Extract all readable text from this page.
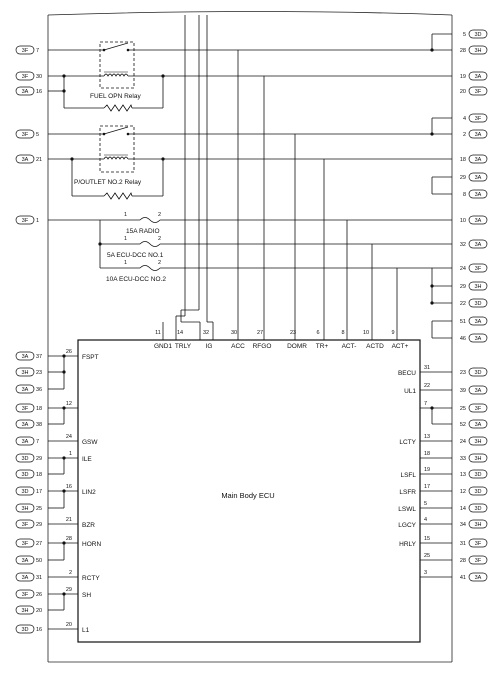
Main Body ECU
FUEL OPN Relay
P/OUTLET NO.2 Relay
1	2
15A RADIO
1	2
5A ECU-DCC NO.1
1	2
10A ECU-DCC NO.2
11
GND1
14
TRLY
32
IG
30
ACC
27
RFGO
23
DOMR
6
TR+
8
ACT-
10
ACTD
9
ACT+
26
FSPT
12
24
GSW
1
ILE
16
LIN2
21
BZR
28
HORN
2
RCTY
29
SH
20
L1
31
BECU
22
UL1
7
13
LCTY
18
19
LSFL
17
LSFR
5
LSWL
4
LGCY
15
HRLY
25
3
3F 7
3F 30
3A 16
3F 5
3A 21
3F 1
3A 37
3H 23
3A 36
3F 18
3A 38
3A 7
3D 29
3D 18
3D 17
3H 25
3F 29
3F 27
3A 50
3A 31
3F 26
3H 20
3D 16
5 3D
28 3H
19 3A
20 3F
4 3F
2 3A
18 3A
29 3A
8 3A
10 3A
32 3A
24 3F
29 3H
22 3D
51 3A
46 3A
23 3D
39 3A
25 3F
52 3A
24 3H
33 3H
13 3D
12 3D
14 3D
34 3H
31 3F
28 3F
41 3A
